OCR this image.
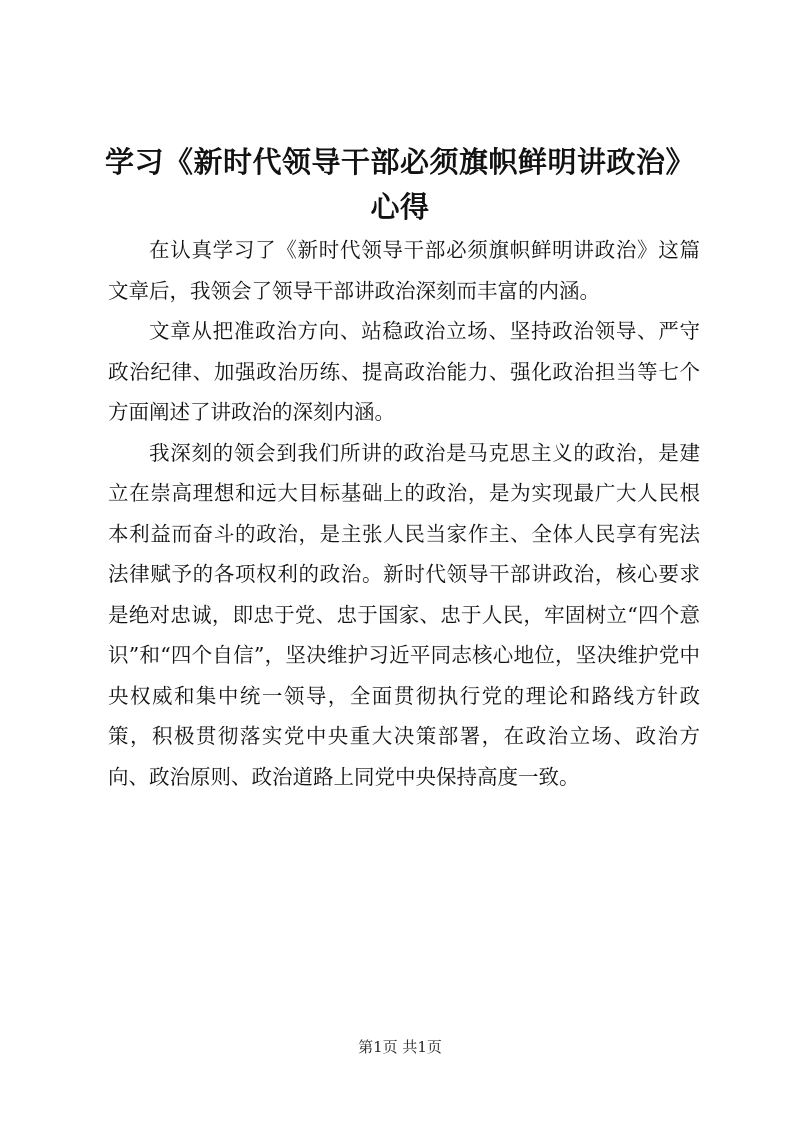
学习《新时代领导干部必须旗帜鲜明讲政治》
心得

在认真学习了《新时代领导干部必须旗帜鲜明讲政治》这篇文章后，我领会了领导干部讲政治深刻而丰富的内涵。

文章从把准政治方向、站稳政治立场、坚持政治领导、严守政治纪律、加强政治历练、提高政治能力、强化政治担当等七个方面阐述了讲政治的深刻内涵。

我深刻的领会到我们所讲的政治是马克思主义的政治，是建立在崇高理想和远大目标基础上的政治，是为实现最广大人民根本利益而奋斗的政治，是主张人民当家作主、全体人民享有宪法法律赋予的各项权利的政治。新时代领导干部讲政治，核心要求是绝对忠诚，即忠于党、忠于国家、忠于人民，牢固树立“四个意识”和“四个自信”，坚决维护习近平同志核心地位，坚决维护党中央权威和集中统一领导，全面贯彻执行党的理论和路线方针政策，积极贯彻落实党中央重大决策部署，在政治立场、政治方向、政治原则、政治道路上同党中央保持高度一致。

第1页 共1页
